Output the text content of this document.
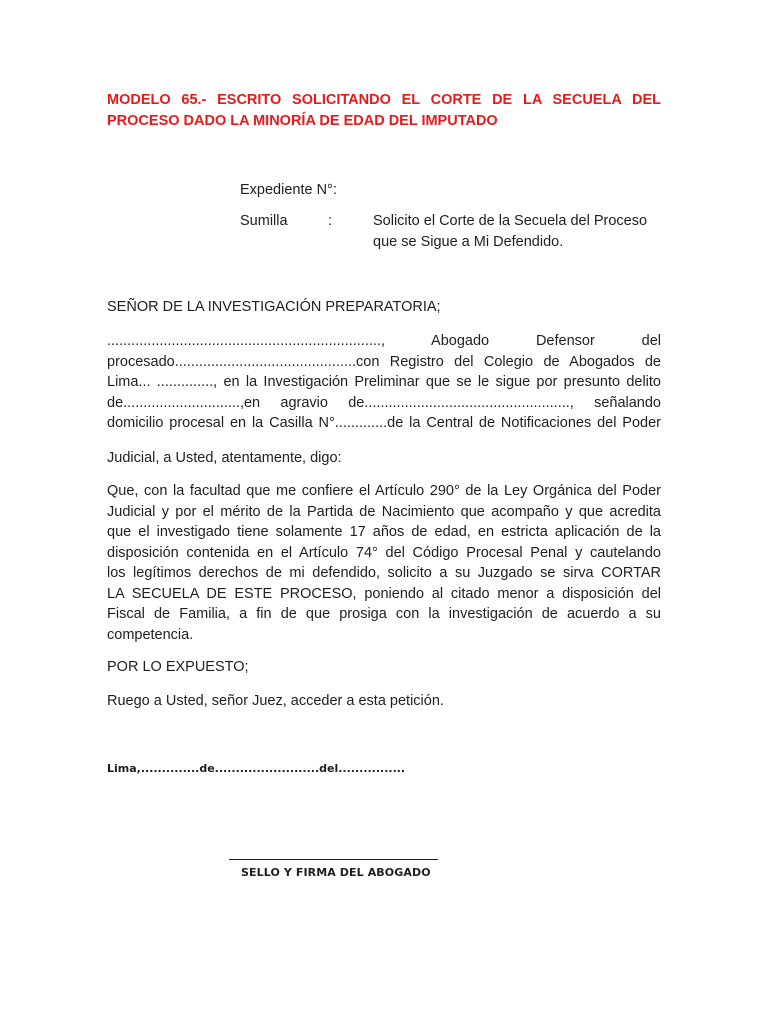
MODELO 65.- ESCRITO SOLICITANDO EL CORTE DE LA SECUELA DEL
PROCESO DADO LA MINORÍA DE EDAD DEL IMPUTADO
Expediente N°:
Sumilla	:	Solicito el Corte de la Secuela del Proceso
que se Sigue a Mi Defendido.
SEÑOR DE LA INVESTIGACIÓN PREPARATORIA;
...................................................................., Abogado Defensor del
procesado.............................................con Registro del Colegio de Abogados de
Lima... .............., en la Investigación Preliminar que se le sigue por presunto delito
de.............................,en agravio de..................................................., señalando
domicilio procesal en la Casilla N°.............de la Central de Notificaciones del Poder
Judicial, a Usted, atentamente, digo:
Que, con la facultad que me confiere el Artículo 290° de la Ley Orgánica del Poder
Judicial y por el mérito de la Partida de Nacimiento que acompaño y que acredita
que el investigado tiene solamente 17 años de edad, en estricta aplicación de la
disposición contenida en el Artículo 74° del Código Procesal Penal y cautelando
los legítimos derechos de mi defendido, solicito a su Juzgado se sirva CORTAR
LA SECUELA DE ESTE PROCESO, poniendo al citado menor a disposición del
Fiscal de Familia, a fin de que prosiga con la investigación de acuerdo a su
competencia.
POR LO EXPUESTO;
Ruego a Usted, señor Juez, acceder a esta petición.
Lima,..............de.........................del................
SELLO Y FIRMA DEL ABOGADO
